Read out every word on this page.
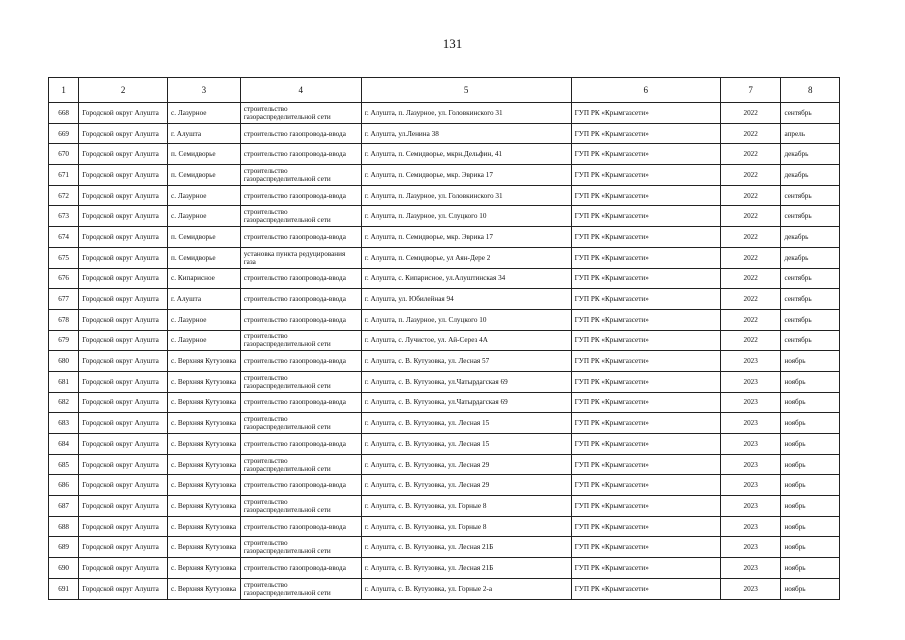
131
1	2	3	4	5	6	7	8
668	Городской округ Алушта	с. Лазурное	строительство газораспределительной сети	г. Алушта, п. Лазурное, ул. Головкинского 31	ГУП РК «Крымгазсети»	2022	сентябрь
669	Городской округ Алушта	г. Алушта	строительство газопровода-ввода	г. Алушта, ул.Ленина 38	ГУП РК «Крымгазсети»	2022	апрель
670	Городской округ Алушта	п. Семидворье	строительство газопровода-ввода	г. Алушта, п. Семидворье, мкрн.Дельфин, 41	ГУП РК «Крымгазсети»	2022	декабрь
671	Городской округ Алушта	п. Семидворье	строительство газораспределительной сети	г. Алушта, п. Семидворье, мкр. Эврика 17	ГУП РК «Крымгазсети»	2022	декабрь
672	Городской округ Алушта	с. Лазурное	строительство газопровода-ввода	г. Алушта, п. Лазурное, ул. Головкинского 31	ГУП РК «Крымгазсети»	2022	сентябрь
673	Городской округ Алушта	с. Лазурное	строительство газораспределительной сети	г. Алушта, п. Лазурное, ул. Слуцкого 10	ГУП РК «Крымгазсети»	2022	сентябрь
674	Городской округ Алушта	п. Семидворье	строительство газопровода-ввода	г. Алушта, п. Семидворье, мкр. Эврика 17	ГУП РК «Крымгазсети»	2022	декабрь
675	Городской округ Алушта	п. Семидворье	установка пункта редуцирования газа	г. Алушта, п. Семидворье, ул Аян-Дере 2	ГУП РК «Крымгазсети»	2022	декабрь
676	Городской округ Алушта	с. Кипарисное	строительство газопровода-ввода	г. Алушта, с. Кипарисное, ул.Алуштинская 34	ГУП РК «Крымгазсети»	2022	сентябрь
677	Городской округ Алушта	г. Алушта	строительство газопровода-ввода	г. Алушта, ул. Юбилейная 94	ГУП РК «Крымгазсети»	2022	сентябрь
678	Городской округ Алушта	с. Лазурное	строительство газопровода-ввода	г. Алушта, п. Лазурное, ул. Слуцкого 10	ГУП РК «Крымгазсети»	2022	сентябрь
679	Городской округ Алушта	с. Лазурное	строительство газораспределительной сети	г. Алушта, с. Лучистое, ул. Ай-Серез 4А	ГУП РК «Крымгазсети»	2022	сентябрь
680	Городской округ Алушта	с. Верхняя Кутузовка	строительство газопровода-ввода	г. Алушта, с. В. Кутузовка, ул. Лесная 57	ГУП РК «Крымгазсети»	2023	ноябрь
681	Городской округ Алушта	с. Верхняя Кутузовка	строительство газораспределительной сети	г. Алушта, с. В. Кутузовка, ул.Чатырдагская 69	ГУП РК «Крымгазсети»	2023	ноябрь
682	Городской округ Алушта	с. Верхняя Кутузовка	строительство газопровода-ввода	г. Алушта, с. В. Кутузовка, ул.Чатырдагская 69	ГУП РК «Крымгазсети»	2023	ноябрь
683	Городской округ Алушта	с. Верхняя Кутузовка	строительство газораспределительной сети	г. Алушта, с. В. Кутузовка, ул. Лесная 15	ГУП РК «Крымгазсети»	2023	ноябрь
684	Городской округ Алушта	с. Верхняя Кутузовка	строительство газопровода-ввода	г. Алушта, с. В. Кутузовка, ул. Лесная 15	ГУП РК «Крымгазсети»	2023	ноябрь
685	Городской округ Алушта	с. Верхняя Кутузовка	строительство газораспределительной сети	г. Алушта, с. В. Кутузовка, ул. Лесная 29	ГУП РК «Крымгазсети»	2023	ноябрь
686	Городской округ Алушта	с. Верхняя Кутузовка	строительство газопровода-ввода	г. Алушта, с. В. Кутузовка, ул. Лесная 29	ГУП РК «Крымгазсети»	2023	ноябрь
687	Городской округ Алушта	с. Верхняя Кутузовка	строительство газораспределительной сети	г. Алушта, с. В. Кутузовка, ул. Горные 8	ГУП РК «Крымгазсети»	2023	ноябрь
688	Городской округ Алушта	с. Верхняя Кутузовка	строительство газопровода-ввода	г. Алушта, с. В. Кутузовка, ул. Горные 8	ГУП РК «Крымгазсети»	2023	ноябрь
689	Городской округ Алушта	с. Верхняя Кутузовка	строительство газораспределительной сети	г. Алушта, с. В. Кутузовка, ул. Лесная 21Б	ГУП РК «Крымгазсети»	2023	ноябрь
690	Городской округ Алушта	с. Верхняя Кутузовка	строительство газопровода-ввода	г. Алушта, с. В. Кутузовка, ул. Лесная 21Б	ГУП РК «Крымгазсети»	2023	ноябрь
691	Городской округ Алушта	с. Верхняя Кутузовка	строительство газораспределительной сети	г. Алушта, с. В. Кутузовка, ул. Горные 2-а	ГУП РК «Крымгазсети»	2023	ноябрь
